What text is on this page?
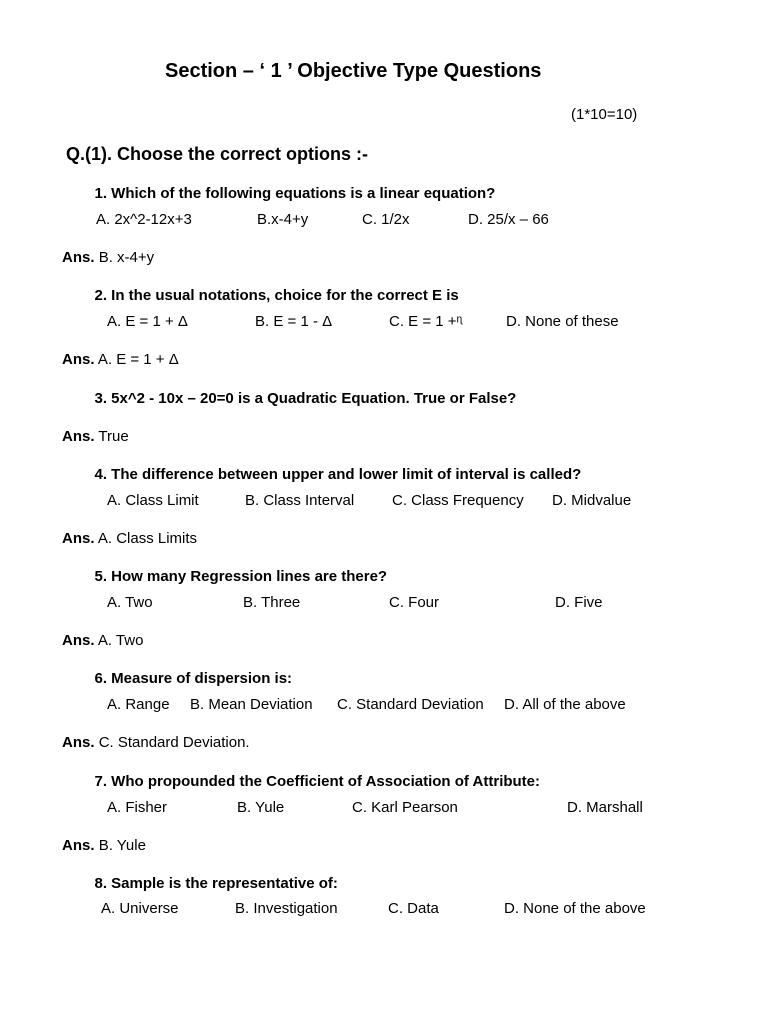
Section – ‘ 1 ’ Objective Type Questions
(1*10=10)
Q.(1). Choose the correct options :-
1. Which of the following equations is a linear equation?
A. 2x^2-12x+3	B.x-4+y	C. 1/2x	D. 25/x – 66
Ans. B. x-4+y
2. In the usual notations, choice for the correct E is
A. E = 1 + Δ	B. E = 1 - Δ	C. E = 1 +ᶯ	D. None of these
Ans. A. E = 1 + Δ
3. 5x^2 - 10x – 20=0 is a Quadratic Equation. True or False?
Ans. True
4. The difference between upper and lower limit of interval is called?
A. Class Limit	B. Class Interval	C. Class Frequency D. Midvalue
Ans. A. Class Limits
5. How many Regression lines are there?
A. Two	B. Three	C. Four	D. Five
Ans. A. Two
6. Measure of dispersion is:
A. Range B. Mean Deviation C. Standard Deviation D. All of the above
Ans. C. Standard Deviation.
7. Who propounded the Coefficient of Association of Attribute:
A. Fisher	B. Yule	C. Karl Pearson	D. Marshall
Ans. B. Yule
8. Sample is the representative of:
A. Universe	B. Investigation	C. Data	D. None of the above
